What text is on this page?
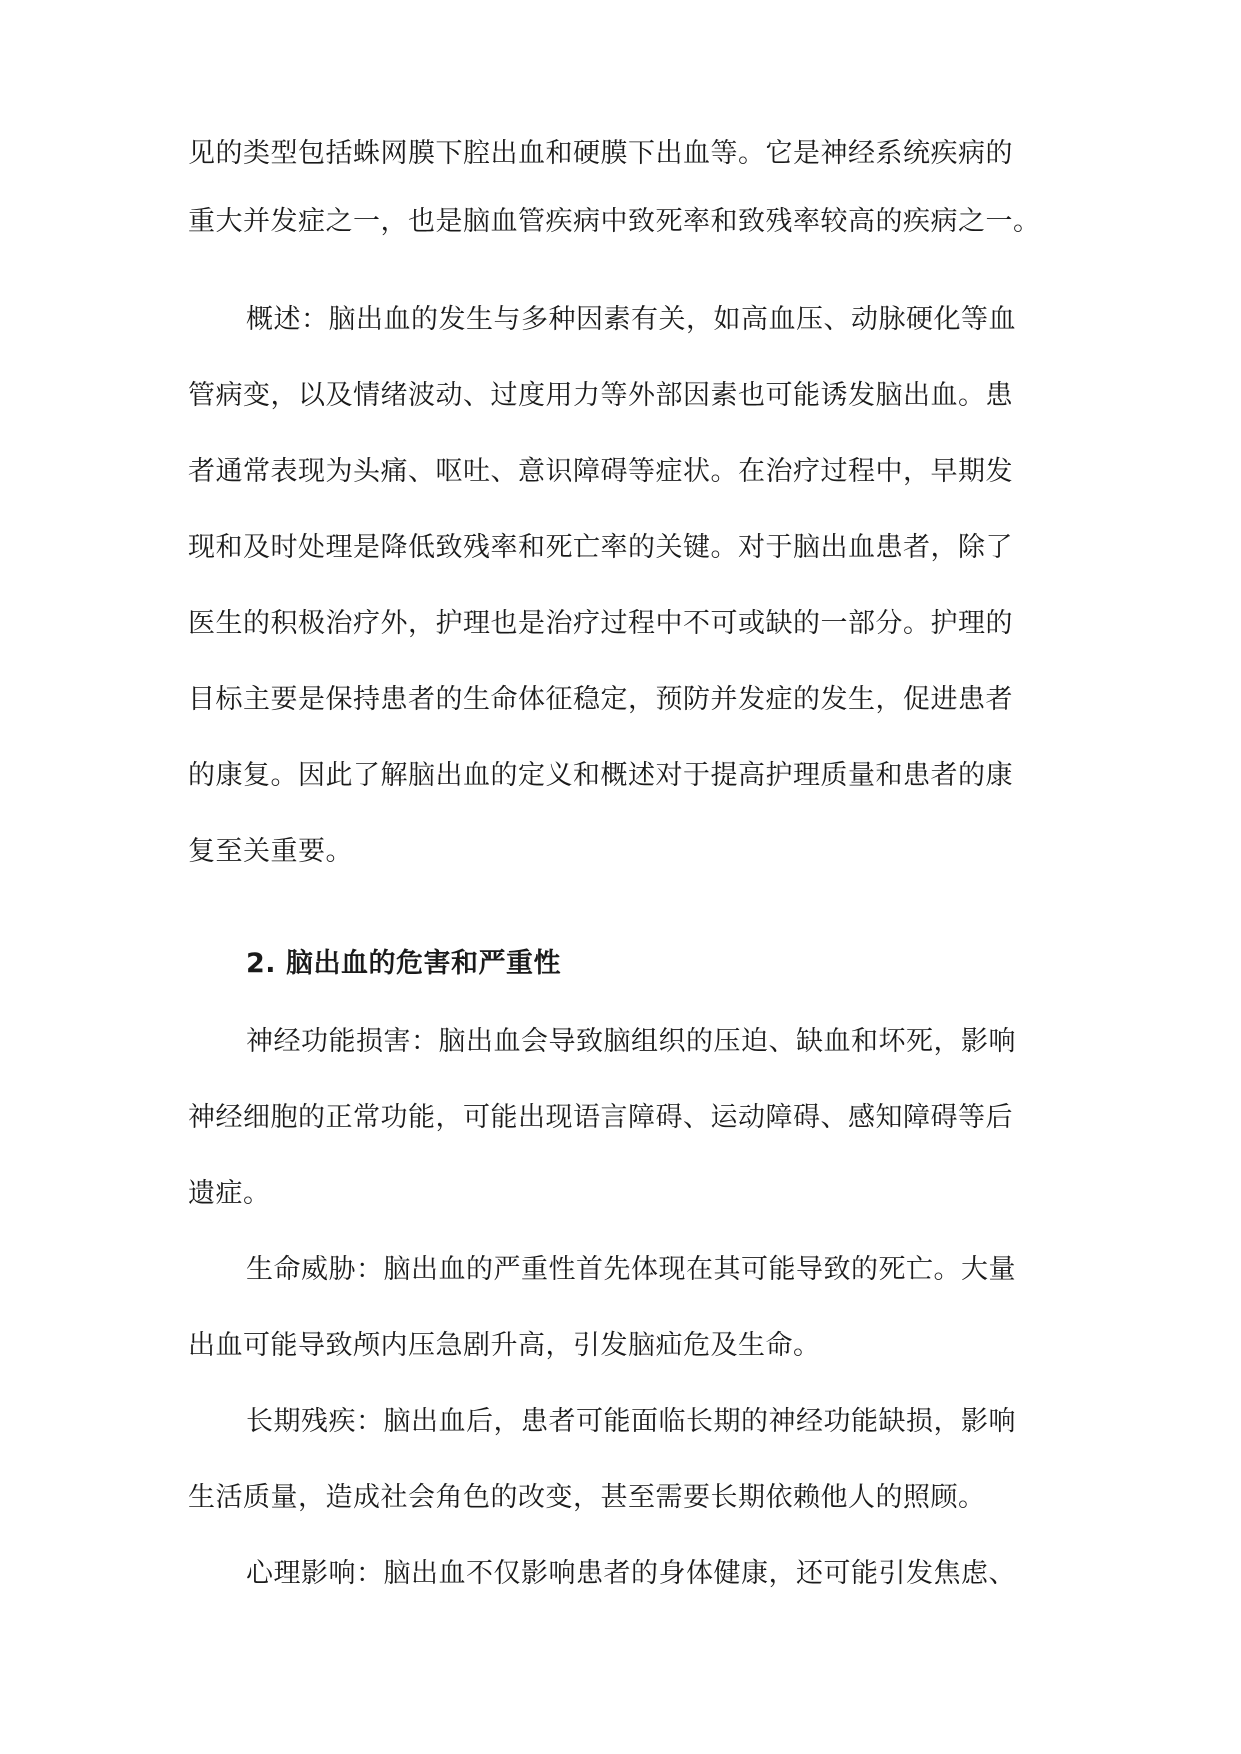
见的类型包括蛛网膜下腔出血和硬膜下出血等。它是神经系统疾病的
重大并发症之一，也是脑血管疾病中致死率和致残率较高的疾病之一。
概述：脑出血的发生与多种因素有关，如高血压、动脉硬化等血
管病变，以及情绪波动、过度用力等外部因素也可能诱发脑出血。患
者通常表现为头痛、呕吐、意识障碍等症状。在治疗过程中，早期发
现和及时处理是降低致残率和死亡率的关键。对于脑出血患者，除了
医生的积极治疗外，护理也是治疗过程中不可或缺的一部分。护理的
目标主要是保持患者的生命体征稳定，预防并发症的发生，促进患者
的康复。因此了解脑出血的定义和概述对于提高护理质量和患者的康
复至关重要。
2. 脑出血的危害和严重性
神经功能损害：脑出血会导致脑组织的压迫、缺血和坏死，影响
神经细胞的正常功能，可能出现语言障碍、运动障碍、感知障碍等后
遗症。
生命威胁：脑出血的严重性首先体现在其可能导致的死亡。大量
出血可能导致颅内压急剧升高，引发脑疝危及生命。
长期残疾：脑出血后，患者可能面临长期的神经功能缺损，影响
生活质量，造成社会角色的改变，甚至需要长期依赖他人的照顾。
心理影响：脑出血不仅影响患者的身体健康，还可能引发焦虑、
